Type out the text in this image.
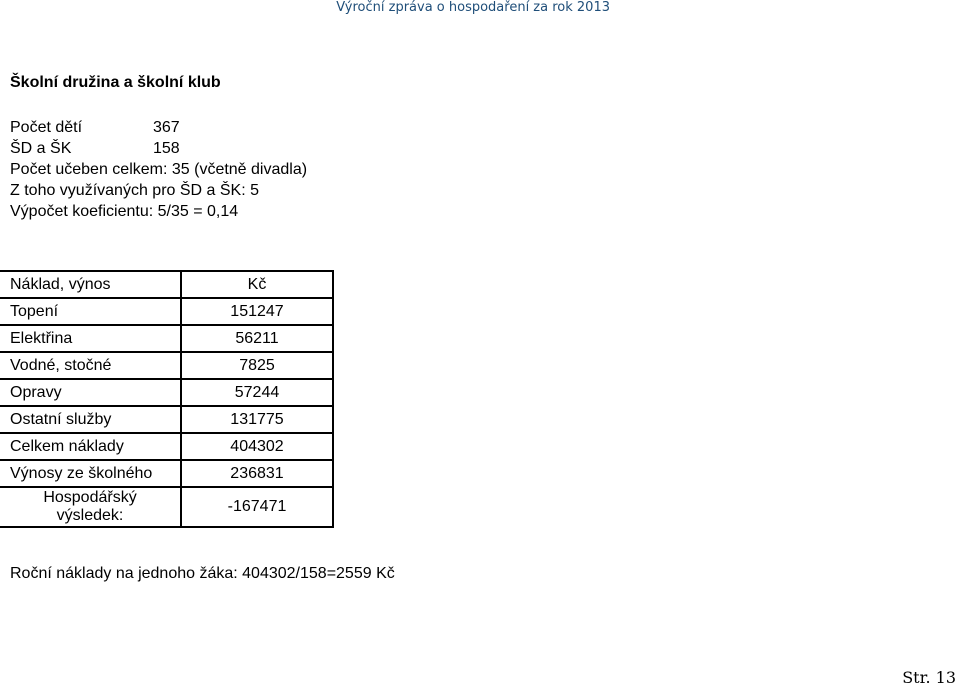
Výroční zpráva o hospodaření za rok 2013
Školní družina a školní klub
Počet dětí	367
ŠD a ŠK	158
Počet učeben celkem: 35 (včetně divadla)
Z toho využívaných pro ŠD a ŠK: 5
Výpočet koeficientu: 5/35 = 0,14
Náklad, výnos	Kč
Topení	151247
Elektřina	56211
Vodné, stočné	7825
Opravy	57244
Ostatní služby	131775
Celkem náklady	404302
Výnosy ze školného	236831

Hospodářský
výsledek:	-167471
Roční náklady na jednoho žáka: 404302/158=2559 Kč
Str. 13
